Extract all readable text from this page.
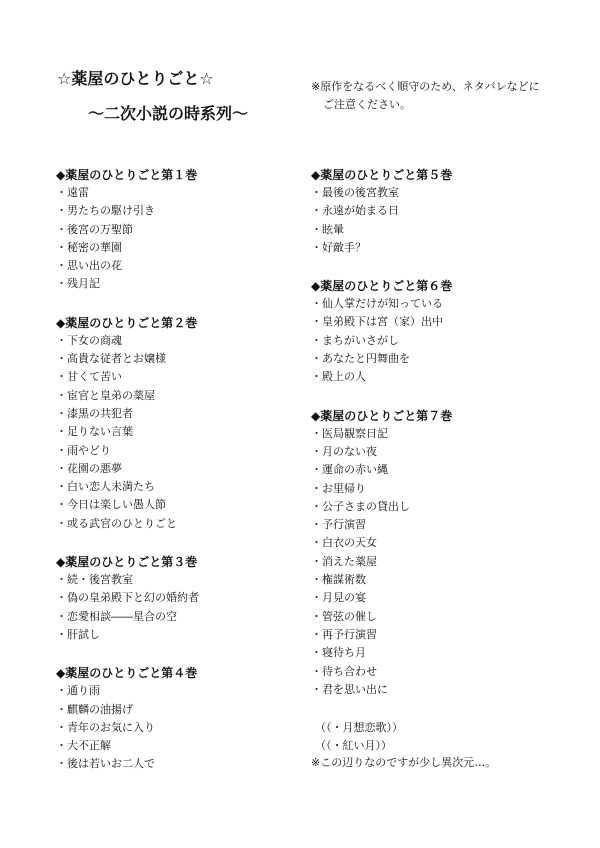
☆薬屋のひとりごと☆
〜二次小説の時系列〜
※原作をなるべく順守のため、ネタバレなどに
ご注意ください。
◆薬屋のひとりごと第１巻
・遠雷
・男たちの駆け引き
・後宮の万聖節
・秘密の華園
・思い出の花
・残月記
◆薬屋のひとりごと第２巻
・下女の商魂
・高貴な従者とお嬢様
・甘くて苦い
・宦官と皇弟の薬屋
・漆黒の共犯者
・足りない言葉
・雨やどり
・花園の悪夢
・白い恋人未満たち
・今日は楽しい愚人節
・或る武官のひとりごと
◆薬屋のひとりごと第３巻
・続・後宮教室
・偽の皇弟殿下と幻の婚約者
・恋愛相談――星合の空
・肝試し
◆薬屋のひとりごと第４巻
・通り雨
・麒麟の油揚げ
・青年のお気に入り
・大不正解
・後は若いお二人で
◆薬屋のひとりごと第５巻
・最後の後宮教室
・永遠が始まる日
・眩暈
・好敵手？
◆薬屋のひとりごと第６巻
・仙人掌だけが知っている
・皇弟殿下は宮（家）出中
・まちがいさがし
・あなたと円舞曲を
・殿上の人
◆薬屋のひとりごと第７巻
・医局観察日記
・月のない夜
・運命の赤い縄
・お里帰り
・公子さまの貸出し
・予行演習
・白衣の天女
・消えた薬屋
・権謀術数
・月見の宴
・管弦の催し
・再予行演習
・寝待ち月
・待ち合わせ
・君を思い出に
（（・月想恋歌））
（（・紅い月））
※この辺りなのですが少し異次元…。
